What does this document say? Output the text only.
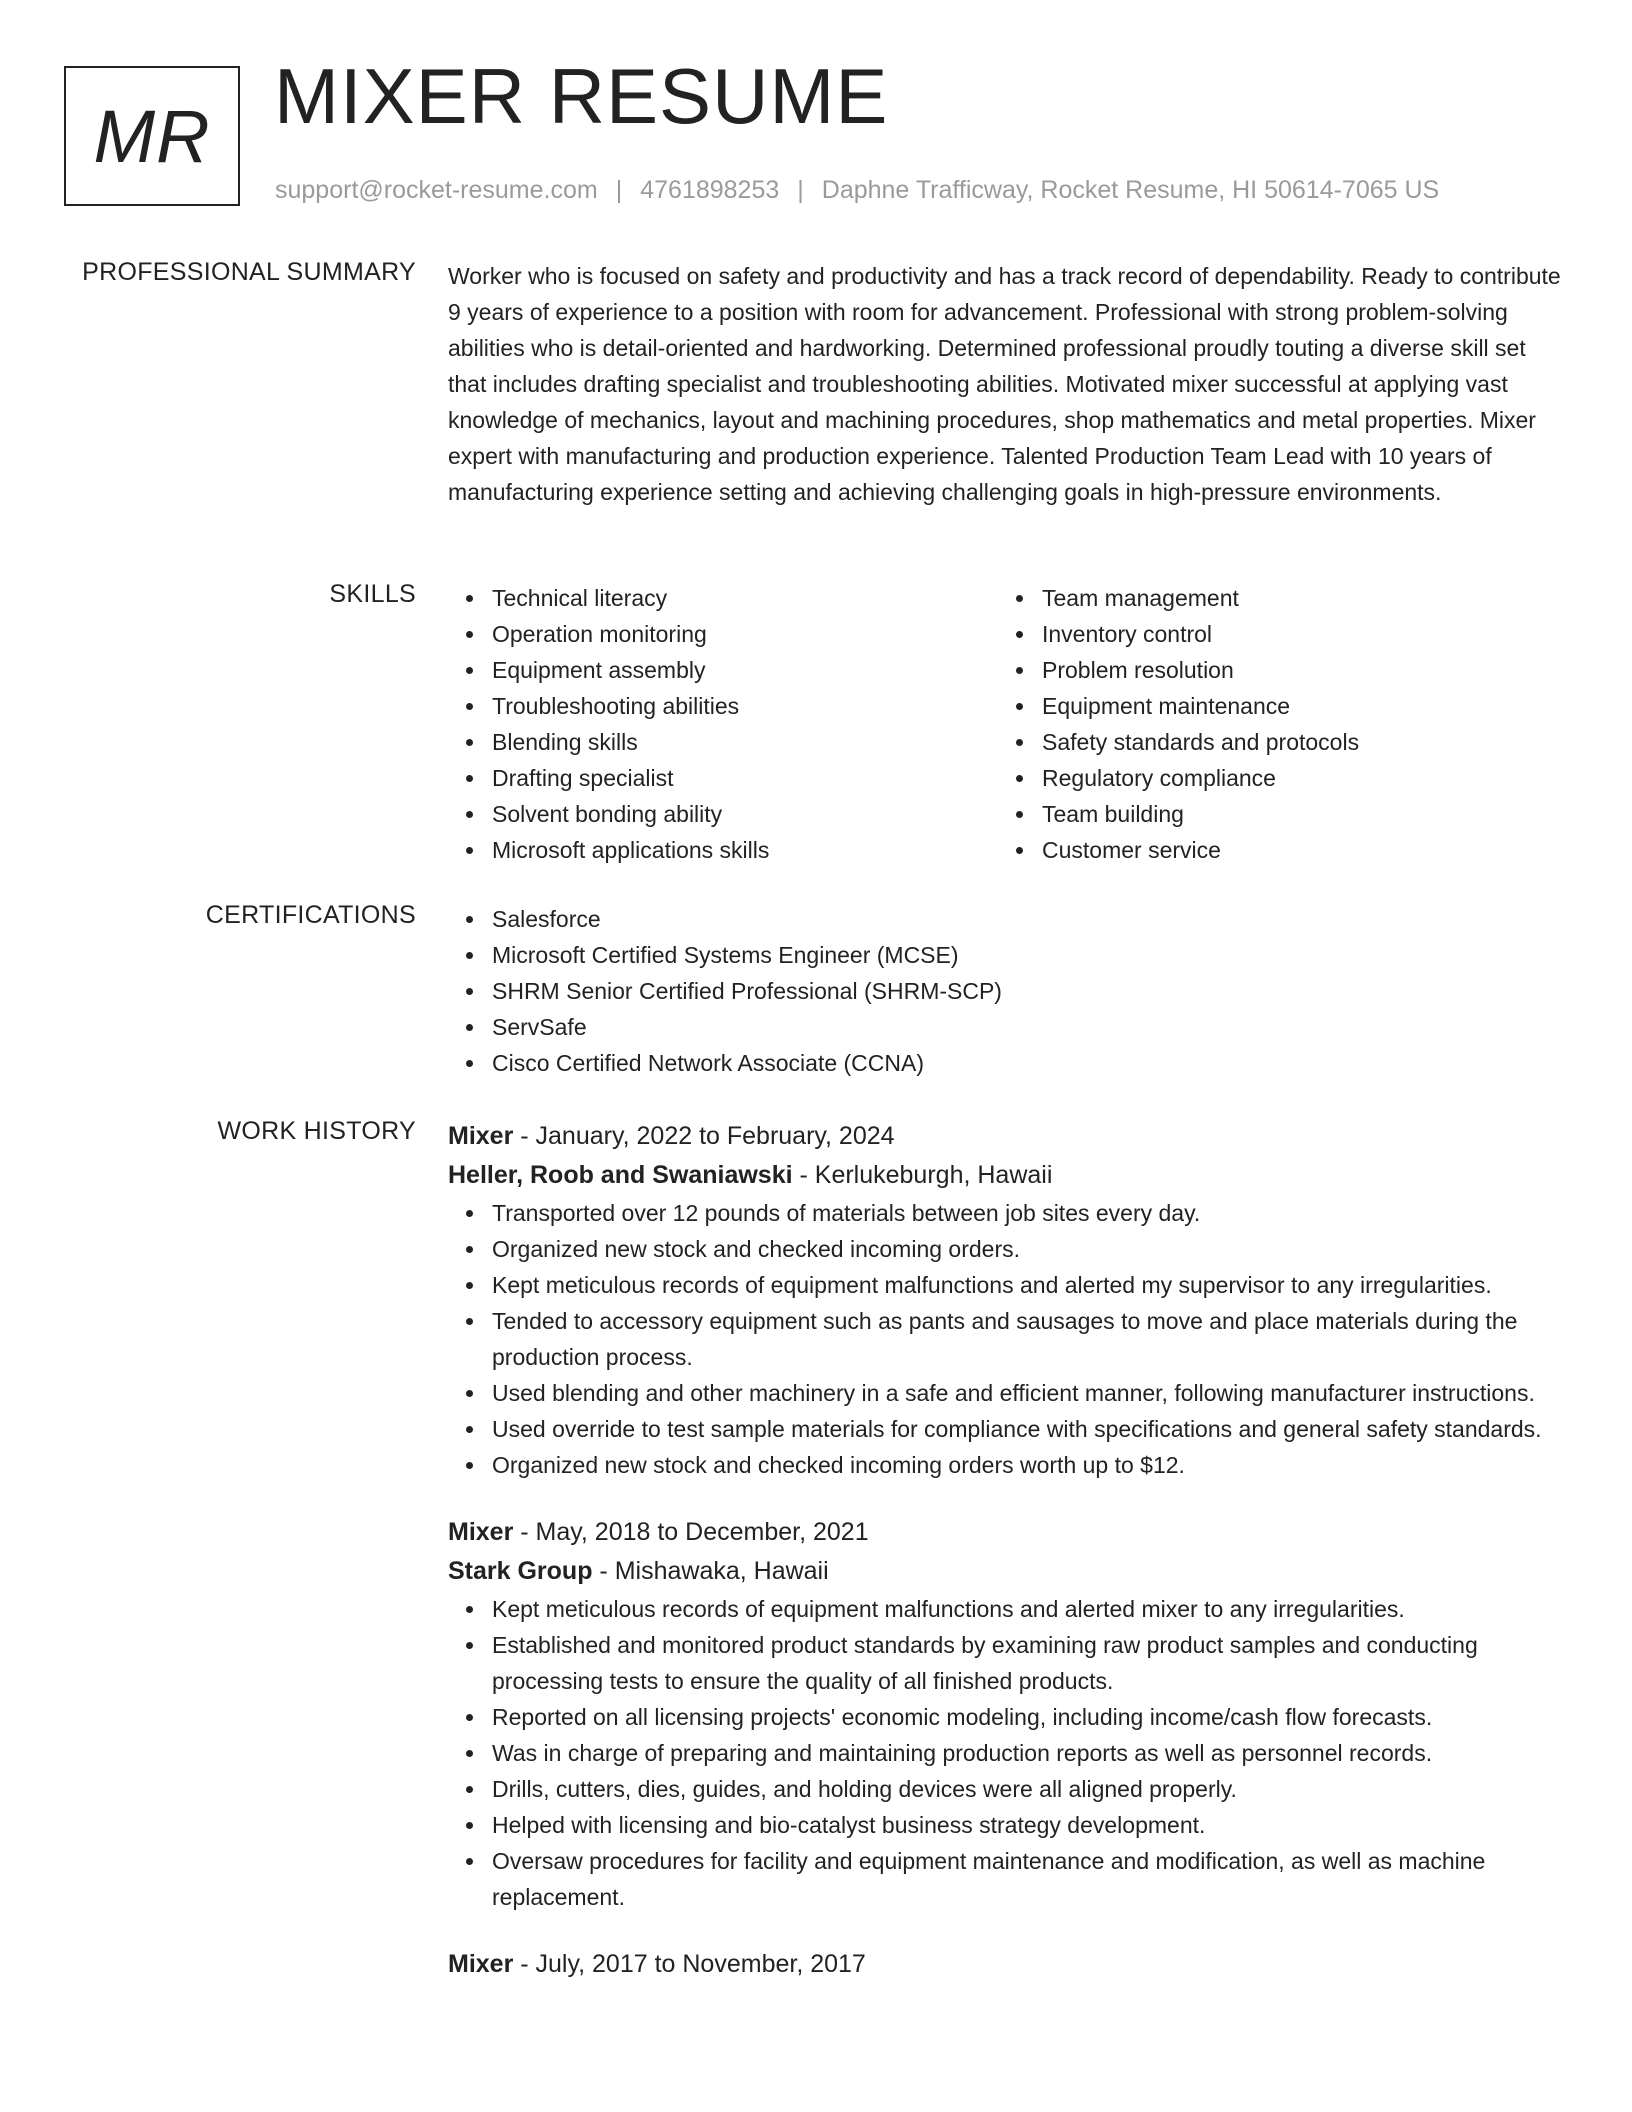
MR MIXER RESUME
support@rocket-resume.com | 4761898253 | Daphne Trafficway, Rocket Resume, HI 50614-7065 US
PROFESSIONAL SUMMARY Worker who is focused on safety and productivity and has a track record of dependability. Ready to contribute 9 years of experience to a position with room for advancement. Professional with strong problem-solving abilities who is detail-oriented and hardworking. Determined professional proudly touting a diverse skill set that includes drafting specialist and troubleshooting abilities. Motivated mixer successful at applying vast knowledge of mechanics, layout and machining procedures, shop mathematics and metal properties. Mixer expert with manufacturing and production experience. Talented Production Team Lead with 10 years of manufacturing experience setting and achieving challenging goals in high-pressure environments.

SKILLS	Technical literacy
Operation monitoring
Equipment assembly
Troubleshooting abilities
Blending skills
Drafting specialist
Solvent bonding ability
Microsoft applications skills
Team management
Inventory control
Problem resolution
Equipment maintenance
Safety standards and protocols
Regulatory compliance
Team building
Customer service
CERTIFICATIONS	Salesforce
Microsoft Certified Systems Engineer (MCSE)
SHRM Senior Certified Professional (SHRM-SCP)
ServSafe
Cisco Certified Network Associate (CCNA)
WORK HISTORY Mixer - January, 2022 to February, 2024
Heller, Roob and Swaniawski - Kerlukeburgh, Hawaii
Transported over 12 pounds of materials between job sites every day.
Organized new stock and checked incoming orders.
Kept meticulous records of equipment malfunctions and alerted my supervisor to any irregularities.
Tended to accessory equipment such as pants and sausages to move and place materials during the production process.
Used blending and other machinery in a safe and efficient manner, following manufacturer instructions.
Used override to test sample materials for compliance with specifications and general safety standards.
Organized new stock and checked incoming orders worth up to $12.
Mixer - May, 2018 to December, 2021
Stark Group - Mishawaka, Hawaii
Kept meticulous records of equipment malfunctions and alerted mixer to any irregularities.
Established and monitored product standards by examining raw product samples and conducting processing tests to ensure the quality of all finished products.
Reported on all licensing projects' economic modeling, including income/cash flow forecasts.
Was in charge of preparing and maintaining production reports as well as personnel records.
Drills, cutters, dies, guides, and holding devices were all aligned properly.
Helped with licensing and bio-catalyst business strategy development.
Oversaw procedures for facility and equipment maintenance and modification, as well as machine replacement.
Mixer - July, 2017 to November, 2017
